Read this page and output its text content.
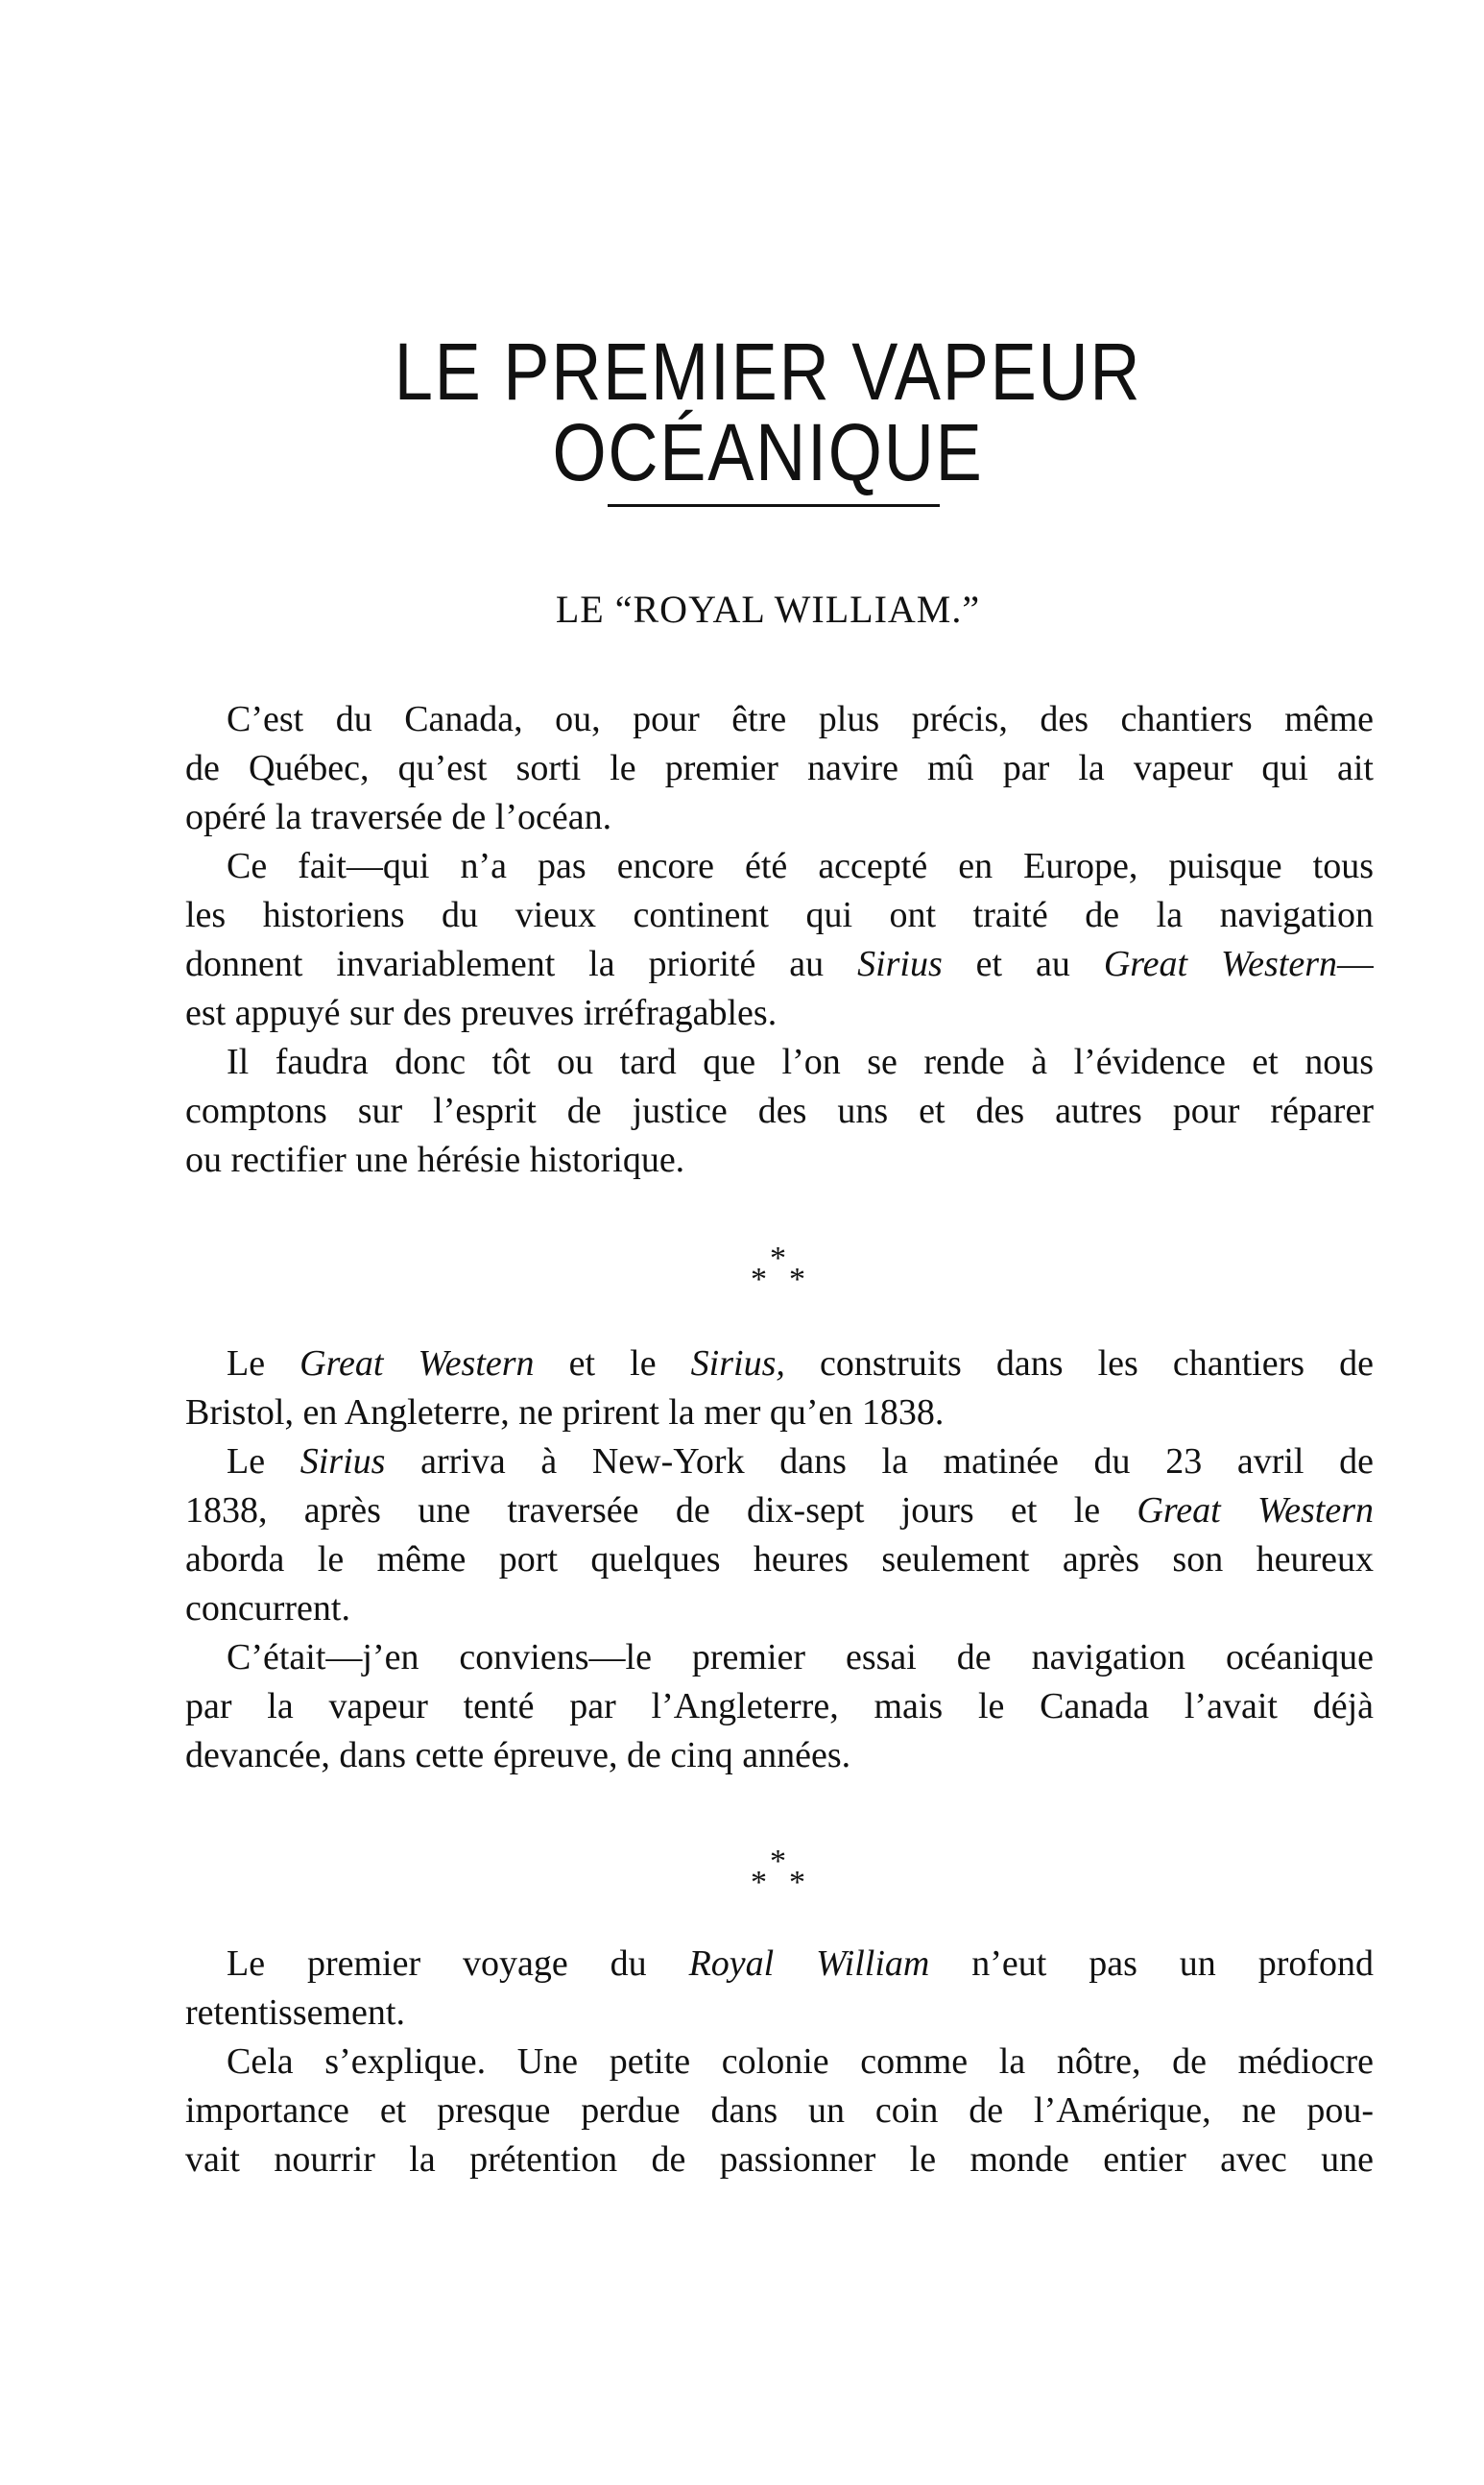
LE PREMIER VAPEUR OCÉANIQUE
LE “ROYAL WILLIAM.”

C’est du Canada, ou, pour être plus précis, des chantiers même
de Québec, qu’est sorti le premier navire mû par la vapeur qui ait
opéré la traversée de l’océan.

Ce fait—qui n’a pas encore été accepté en Europe, puisque tous
les historiens du vieux continent qui ont traité de la navigation
donnent invariablement la priorité au Sirius et au Great Western—
est appuyé sur des preuves irréfragables.

Il faudra donc tôt ou tard que l’on se rende à l’évidence et nous
comptons sur l’esprit de justice des uns et des autres pour réparer
ou rectifier une hérésie historique.

*
* *

Le Great Western et le Sirius, construits dans les chantiers de
Bristol, en Angleterre, ne prirent la mer qu’en 1838.

Le Sirius arriva à New-York dans la matinée du 23 avril de
1838, après une traversée de dix-sept jours et le Great Western
aborda le même port quelques heures seulement après son heureux
concurrent.

C’était—j’en conviens—le premier essai de navigation océanique
par la vapeur tenté par l’Angleterre, mais le Canada l’avait déjà
devancée, dans cette épreuve, de cinq années.

*
* *

Le premier voyage du Royal William n’eut pas un profond
retentissement.

Cela s’explique. Une petite colonie comme la nôtre, de médiocre
importance et presque perdue dans un coin de l’Amérique, ne pou-
vait nourrir la prétention de passionner le monde entier avec une
